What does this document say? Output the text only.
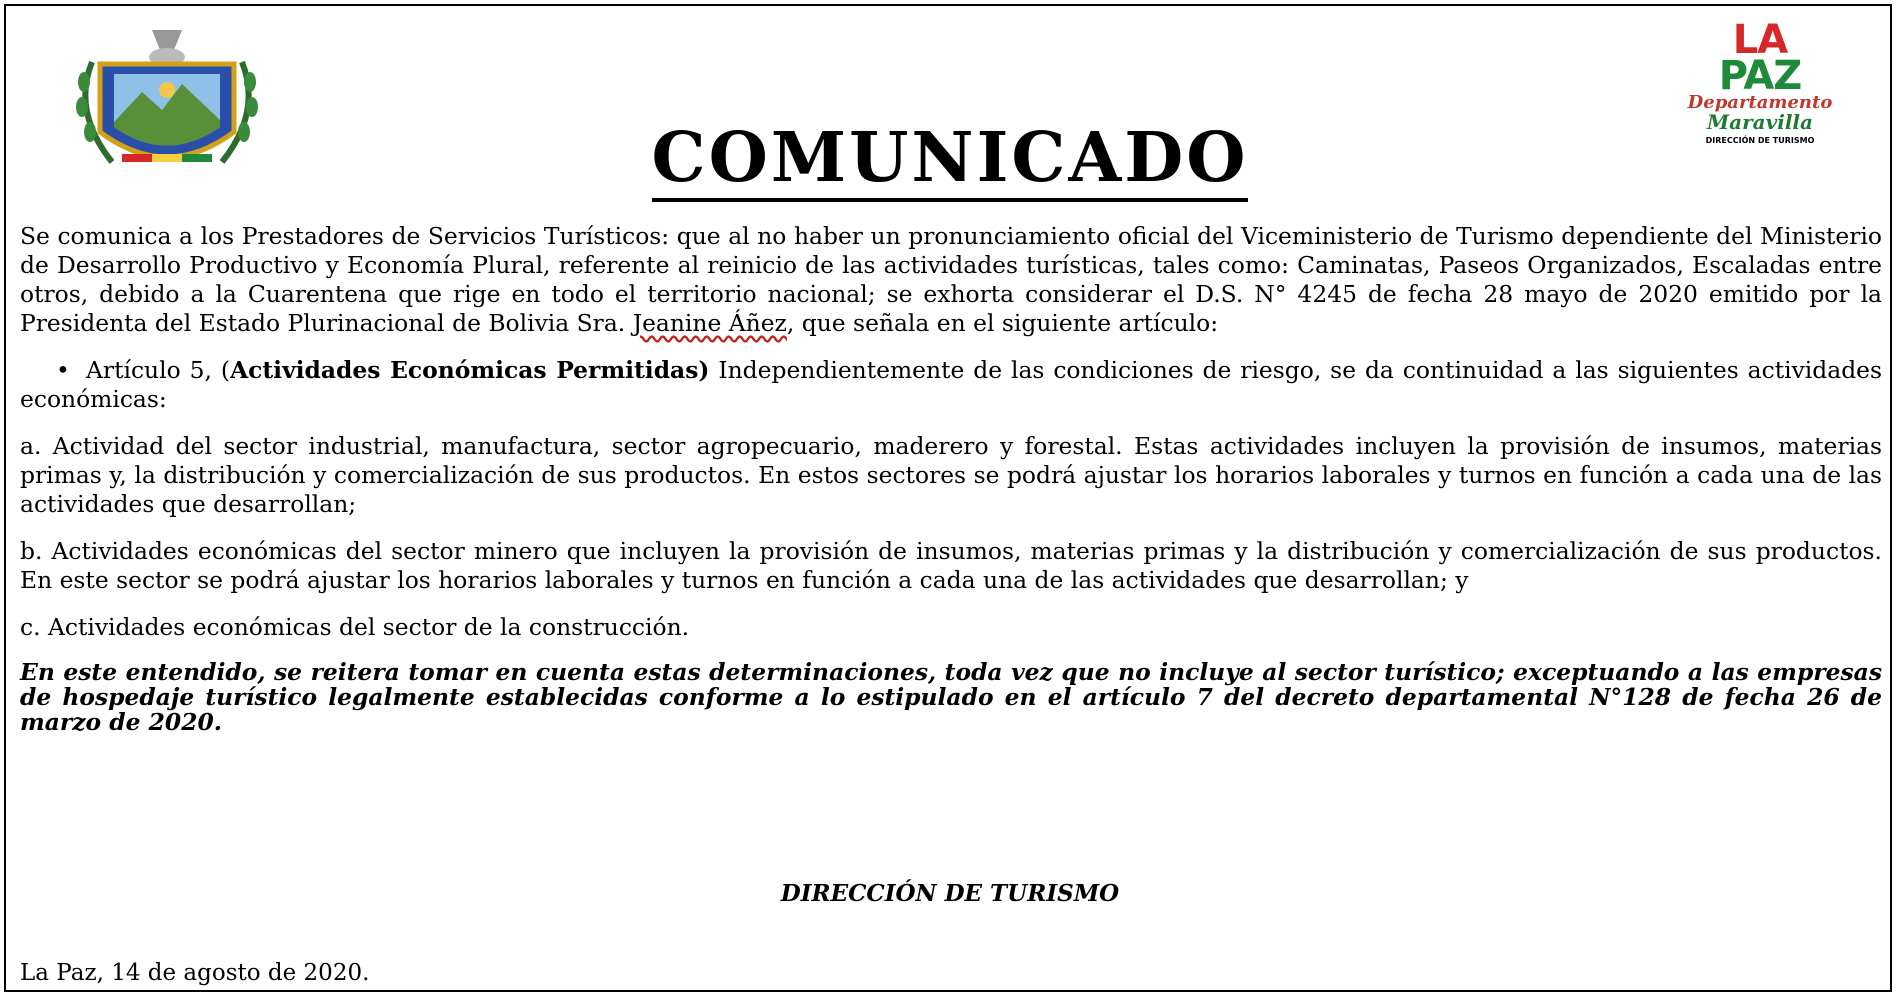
LA
PAZ
Departamento
Maravilla
DIRECCIÓN DE TURISMO
COMUNICADO

Se comunica a los Prestadores de Servicios Turísticos: que al no haber un pronunciamiento oficial del Viceministerio de Turismo dependiente del Ministerio de Desarrollo Productivo y Economía Plural, referente al reinicio de las actividades turísticas, tales como: Caminatas, Paseos Organizados, Escaladas entre otros, debido a la Cuarentena que rige en todo el territorio nacional; se exhorta considerar el D.S. N° 4245 de fecha 28 mayo de 2020 emitido por la Presidenta del Estado Plurinacional de Bolivia Sra. Jeanine Áñez, que señala en el siguiente artículo:

• Artículo 5, (Actividades Económicas Permitidas) Independientemente de las condiciones de riesgo, se da continuidad a las siguientes actividades económicas:

a. Actividad del sector industrial, manufactura, sector agropecuario, maderero y forestal. Estas actividades incluyen la provisión de insumos, materias primas y, la distribución y comercialización de sus productos. En estos sectores se podrá ajustar los horarios laborales y turnos en función a cada una de las actividades que desarrollan;

b. Actividades económicas del sector minero que incluyen la provisión de insumos, materias primas y la distribución y comercialización de sus productos. En este sector se podrá ajustar los horarios laborales y turnos en función a cada una de las actividades que desarrollan; y

c. Actividades económicas del sector de la construcción.

En este entendido, se reitera tomar en cuenta estas determinaciones, toda vez que no incluye al sector turístico; exceptuando a las empresas de hospedaje turístico legalmente establecidas conforme a lo estipulado en el artículo 7 del decreto departamental N°128 de fecha 26 de marzo de 2020.

DIRECCIÓN DE TURISMO
La Paz, 14 de agosto de 2020.
